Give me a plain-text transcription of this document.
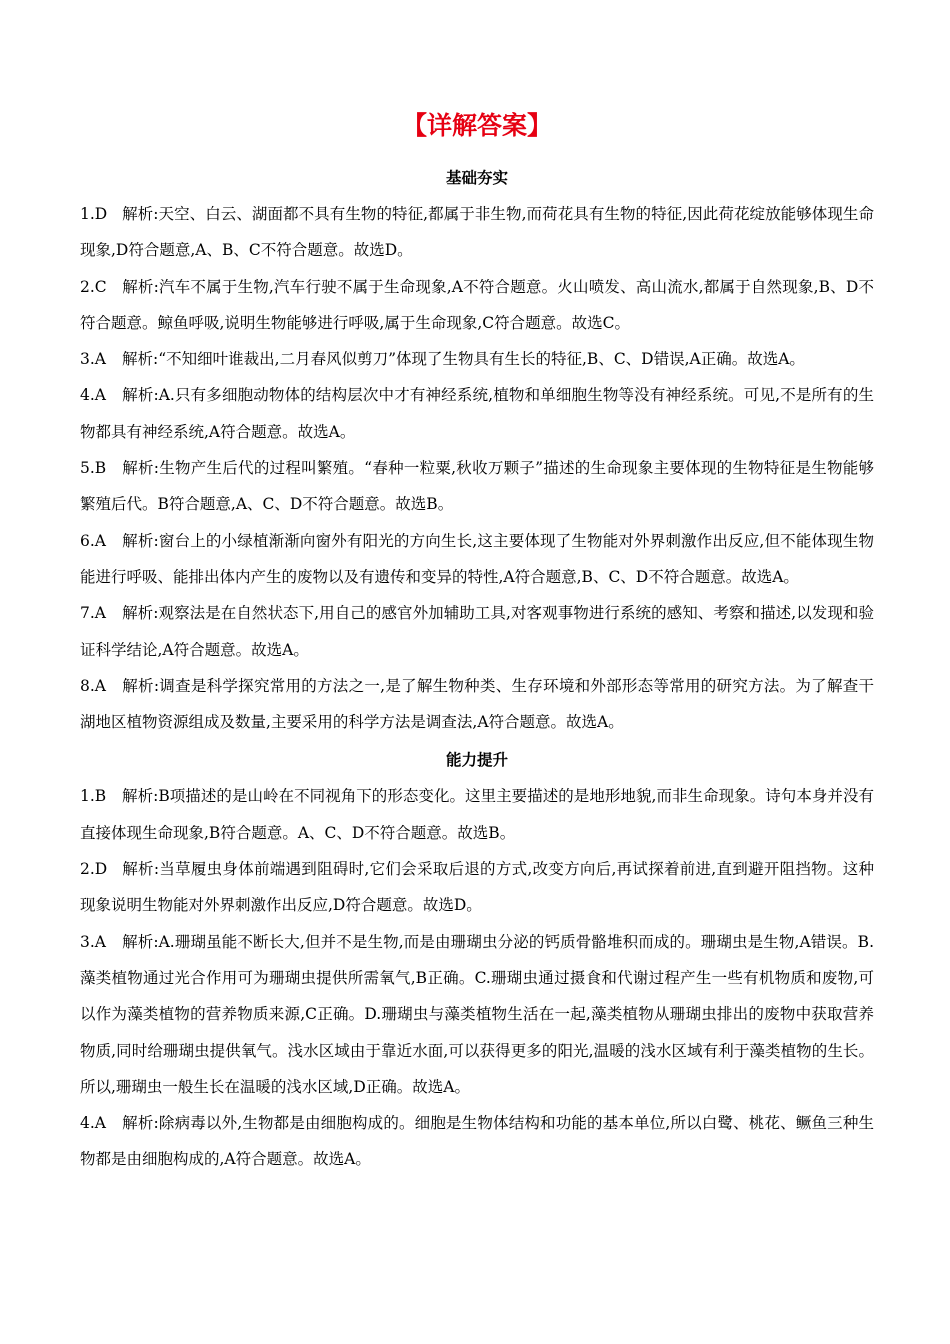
【详解答案】
基础夯实

1.D 解析:天空、白云、湖面都不具有生物的特征,都属于非生物,而荷花具有生物的特征,因此荷花绽放能够体现生命现象,D符合题意,A、B、C不符合题意。故选D。

2.C 解析:汽车不属于生物,汽车行驶不属于生命现象,A不符合题意。火山喷发、高山流水,都属于自然现象,B、D不符合题意。鲸鱼呼吸,说明生物能够进行呼吸,属于生命现象,C符合题意。故选C。

3.A 解析:“不知细叶谁裁出,二月春风似剪刀”体现了生物具有生长的特征,B、C、D错误,A正确。故选A。

4.A 解析:A.只有多细胞动物体的结构层次中才有神经系统,植物和单细胞生物等没有神经系统。可见,不是所有的生物都具有神经系统,A符合题意。故选A。

5.B 解析:生物产生后代的过程叫繁殖。“春种一粒粟,秋收万颗子”描述的生命现象主要体现的生物特征是生物能够繁殖后代。B符合题意,A、C、D不符合题意。故选B。

6.A 解析:窗台上的小绿植渐渐向窗外有阳光的方向生长,这主要体现了生物能对外界刺激作出反应,但不能体现生物能进行呼吸、能排出体内产生的废物以及有遗传和变异的特性,A符合题意,B、C、D不符合题意。故选A。

7.A 解析:观察法是在自然状态下,用自己的感官外加辅助工具,对客观事物进行系统的感知、考察和描述,以发现和验证科学结论,A符合题意。故选A。

8.A 解析:调查是科学探究常用的方法之一,是了解生物种类、生存环境和外部形态等常用的研究方法。为了解查干湖地区植物资源组成及数量,主要采用的科学方法是调查法,A符合题意。故选A。

能力提升

1.B 解析:B项描述的是山岭在不同视角下的形态变化。这里主要描述的是地形地貌,而非生命现象。诗句本身并没有直接体现生命现象,B符合题意。A、C、D不符合题意。故选B。

2.D 解析:当草履虫身体前端遇到阻碍时,它们会采取后退的方式,改变方向后,再试探着前进,直到避开阻挡物。这种现象说明生物能对外界刺激作出反应,D符合题意。故选D。

3.A 解析:A.珊瑚虽能不断长大,但并不是生物,而是由珊瑚虫分泌的钙质骨骼堆积而成的。珊瑚虫是生物,A错误。B.藻类植物通过光合作用可为珊瑚虫提供所需氧气,B正确。C.珊瑚虫通过摄食和代谢过程产生一些有机物质和废物,可以作为藻类植物的营养物质来源,C正确。D.珊瑚虫与藻类植物生活在一起,藻类植物从珊瑚虫排出的废物中获取营养物质,同时给珊瑚虫提供氧气。浅水区域由于靠近水面,可以获得更多的阳光,温暖的浅水区域有利于藻类植物的生长。所以,珊瑚虫一般生长在温暖的浅水区域,D正确。故选A。

4.A 解析:除病毒以外,生物都是由细胞构成的。细胞是生物体结构和功能的基本单位,所以白鹭、桃花、鳜鱼三种生物都是由细胞构成的,A符合题意。故选A。
